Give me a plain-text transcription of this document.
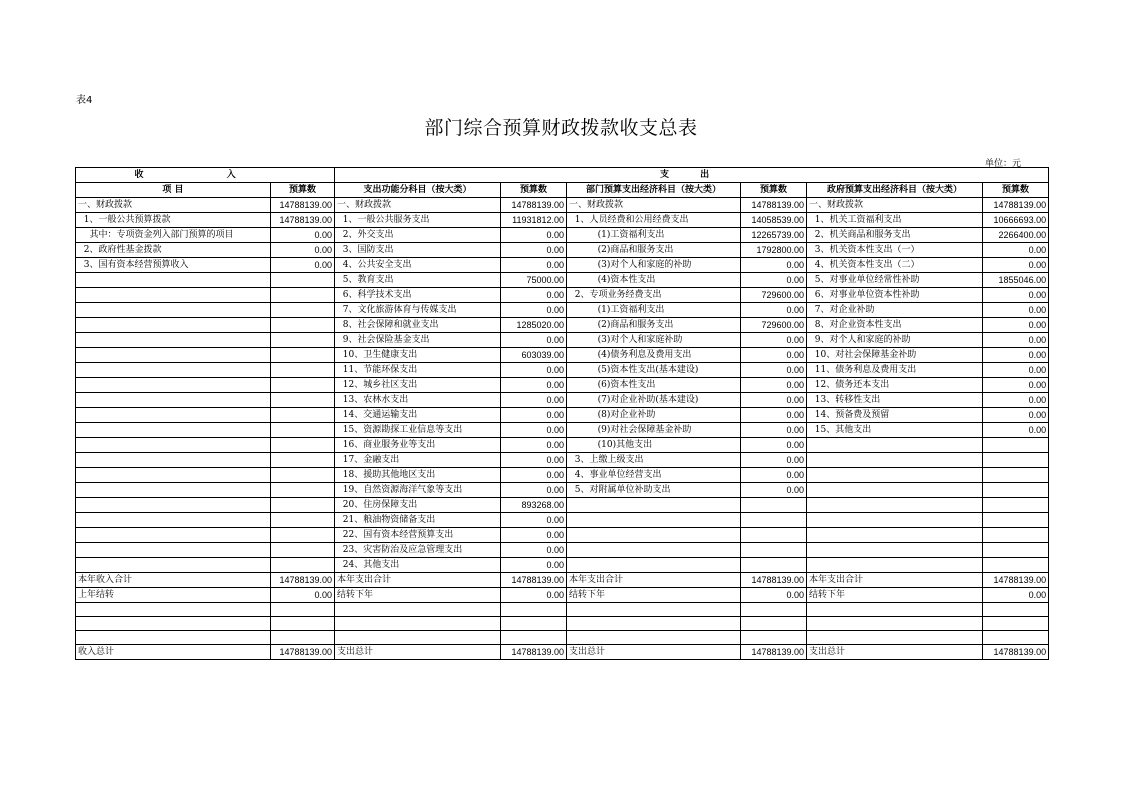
表4
部门综合预算财政拨款收支总表
单位：元
收 入		支 出					
项 目	预算数	支出功能分科目（按大类）	预算数	部门预算支出经济科目（按大类）	预算数	政府预算支出经济科目（按大类）	预算数
一、财政拨款	14788139.00	一、财政拨款	14788139.00	一、财政拨款	14788139.00	一、财政拨款	14788139.00
1、一般公共预算拨款	14788139.00	1、一般公共服务支出	11931812.00	1、人员经费和公用经费支出	14058539.00	1、机关工资福利支出	10666693.00
其中：专项资金列入部门预算的项目	0.00	2、外交支出	0.00	(1)工资福利支出	12265739.00	2、机关商品和服务支出	2266400.00
2、政府性基金拨款	0.00	3、国防支出	0.00	(2)商品和服务支出	1792800.00	3、机关资本性支出（一）	0.00
3、国有资本经营预算收入	0.00	4、公共安全支出	0.00	(3)对个人和家庭的补助	0.00	4、机关资本性支出（二）	0.00
		5、教育支出	75000.00	(4)资本性支出	0.00	5、对事业单位经常性补助	1855046.00
		6、科学技术支出	0.00	2、专项业务经费支出	729600.00	6、对事业单位资本性补助	0.00
		7、文化旅游体育与传媒支出	0.00	(1)工资福利支出	0.00	7、对企业补助	0.00
		8、社会保障和就业支出	1285020.00	(2)商品和服务支出	729600.00	8、对企业资本性支出	0.00
		9、社会保险基金支出	0.00	(3)对个人和家庭补助	0.00	9、对个人和家庭的补助	0.00
		10、卫生健康支出	603039.00	(4)债务利息及费用支出	0.00	10、对社会保障基金补助	0.00
		11、节能环保支出	0.00	(5)资本性支出(基本建设)	0.00	11、债务利息及费用支出	0.00
		12、城乡社区支出	0.00	(6)资本性支出	0.00	12、债务还本支出	0.00
		13、农林水支出	0.00	(7)对企业补助(基本建设)	0.00	13、转移性支出	0.00
		14、交通运输支出	0.00	(8)对企业补助	0.00	14、预备费及预留	0.00
		15、资源勘探工业信息等支出	0.00	(9)对社会保障基金补助	0.00	15、其他支出	0.00
		16、商业服务业等支出	0.00	(10)其他支出	0.00		
		17、金融支出	0.00	3、上缴上级支出	0.00		
		18、援助其他地区支出	0.00	4、事业单位经营支出	0.00		
		19、自然资源海洋气象等支出	0.00	5、对附属单位补助支出	0.00		
		20、住房保障支出	893268.00				
		21、粮油物资储备支出	0.00				
		22、国有资本经营预算支出	0.00				
		23、灾害防治及应急管理支出	0.00				
		24、其他支出	0.00				
本年收入合计	14788139.00	本年支出合计	14788139.00	本年支出合计	14788139.00	本年支出合计	14788139.00
上年结转	0.00	结转下年	0.00	结转下年	0.00	结转下年	0.00

收入总计	14788139.00	支出总计	14788139.00	支出总计	14788139.00	支出总计	14788139.00
